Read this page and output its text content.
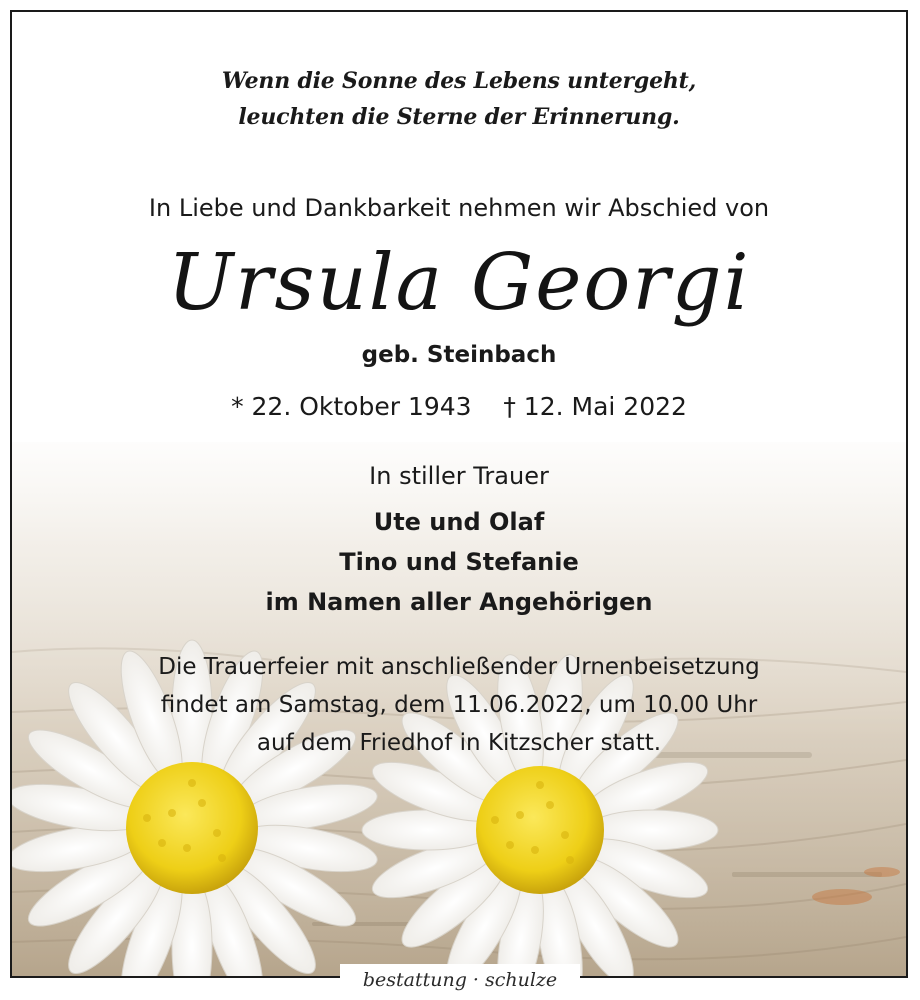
Wenn die Sonne des Lebens untergeht,
leuchten die Sterne der Erinnerung.
In Liebe und Dankbarkeit nehmen wir Abschied von
Ursula Georgi
geb. Steinbach
* 22. Oktober 1943    † 12. Mai 2022
In stiller Trauer
Ute und Olaf
Tino und Stefanie
im Namen aller Angehörigen
Die Trauerfeier mit anschließender Urnenbeisetzung
findet am Samstag, dem 11.06.2022, um 10.00 Uhr
auf dem Friedhof in Kitzscher statt.
bestattung · schulze
